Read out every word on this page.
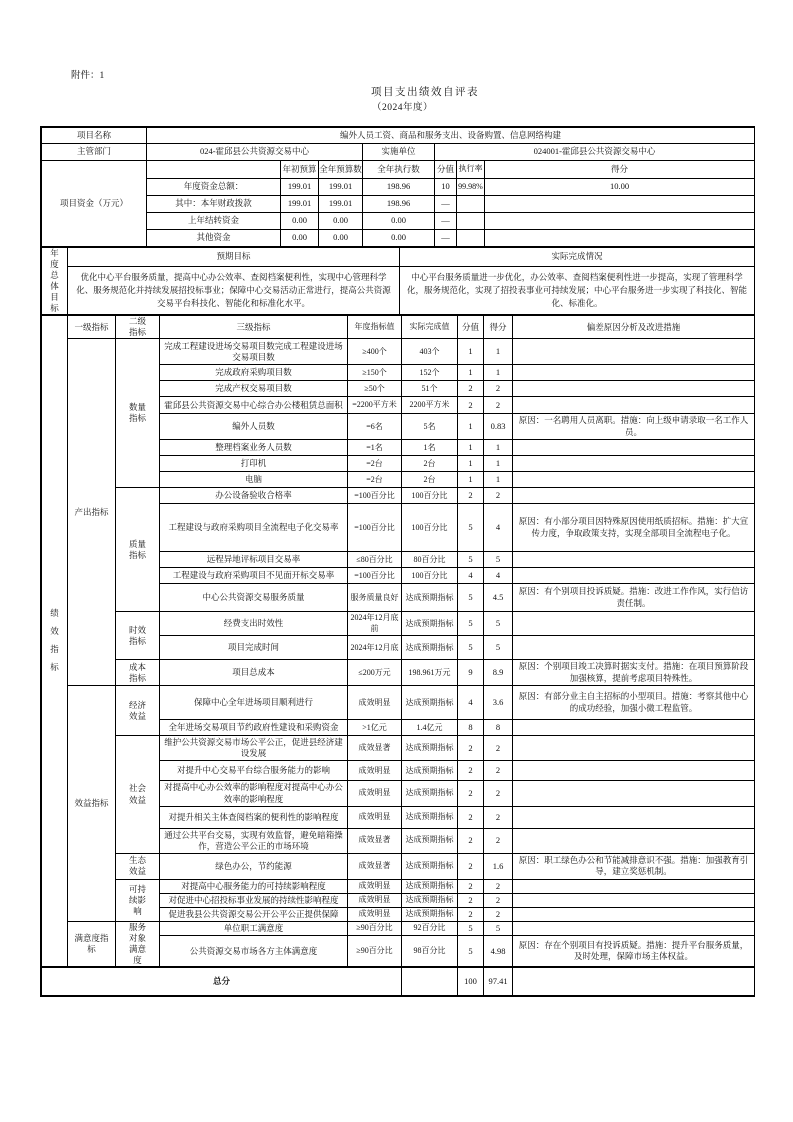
附件：1
项目支出绩效自评表
（2024年度）
项目名称	编外人员工资、商品和服务支出、设备购置、信息网络构建						
主管部门	024-霍邱县公共资源交易中心			实施单位	024001-霍邱县公共资源交易中心		
项目资金（万元）		年初预算	全年预算数	全年执行数	分值	执行率	得分
	年度资金总额：	199.01	199.01	198.96	10	99.98%	10.00
	其中：本年财政拨款	199.01	199.01	198.96	—		
	上年结转资金	0.00	0.00	0.00	—		
	其他资金	0.00	0.00	0.00	—		
年度总体目标	预期目标	实际完成情况
	优化中心平台服务质量，提高中心办公效率、查阅档案便利性，实现中心管理科学化、服务规范化并持续发展招投标事业；保障中心交易活动正常进行，提高公共资源交易平台科技化、智能化和标准化水平。	中心平台服务质量进一步优化，办公效率、查阅档案便利性进一步提高，实现了管理科学化，服务规范化，实现了招投表事业可持续发展；中心平台服务进一步实现了科技化、智能化、标准化。
绩效指标	一级指标	二级指标	三级指标	年度指标值	实际完成值	分值	得分	偏差原因分析及改进措施
	产出指标	数量指标	完成工程建设进场交易项目数完成工程建设进场交易项目数	≥400个	403个	1	1	
			完成政府采购项目数	≥150个	152个	1	1	
			完成产权交易项目数	≥50个	51个	2	2	
			霍邱县公共资源交易中心综合办公楼租赁总面积	=2200平方米	2200平方米	2	2	
			编外人员数	=6名	5名	1	0.83	原因：一名聘用人员离职。措施：向上级申请录取一名工作人员。
			整理档案业务人员数	=1名	1名	1	1	
			打印机	=2台	2台	1	1	
			电脑	=2台	2台	1	1	
		质量指标	办公设备验收合格率	=100百分比	100百分比	2	2	
			工程建设与政府采购项目全流程电子化交易率	=100百分比	100百分比	5	4	原因：有小部分项目因特殊原因使用纸质招标。措施：扩大宣传力度，争取政策支持，实现全部项目全流程电子化。
			远程异地评标项目交易率	≤80百分比	80百分比	5	5	
			工程建设与政府采购项目不见面开标交易率	=100百分比	100百分比	4	4	
			中心公共资源交易服务质量	服务质量良好	达成预期指标	5	4.5	原因：有个别项目投诉质疑。措施：改进工作作风，实行信访责任制。
		时效指标	经费支出时效性	2024年12月底前	达成预期指标	5	5	
			项目完成时间	2024年12月底	达成预期指标	5	5	
		成本指标	项目总成本	≤200万元	198.961万元	9	8.9	原因：个别项目竣工决算时据实支付。措施：在项目预算阶段加强核算，提前考虑项目特殊性。
	效益指标	经济效益	保障中心全年进场项目顺利进行	成效明显	达成预期指标	4	3.6	原因：有部分业主自主招标的小型项目。措施：考察其他中心的成功经验，加强小微工程监管。
			全年进场交易项目节约政府性建设和采购资金	>1亿元	1.4亿元	8	8	
		社会效益	维护公共资源交易市场公平公正，促进县经济建设发展	成效显著	达成预期指标	2	2	
			对提升中心交易平台综合服务能力的影响	成效明显	达成预期指标	2	2	
			对提高中心办公效率的影响程度对提高中心办公效率的影响程度	成效明显	达成预期指标	2	2	
			对提升相关主体查阅档案的便利性的影响程度	成效明显	达成预期指标	2	2	
			通过公共平台交易，实现有效监督，避免暗箱操作，营造公平公正的市场环境	成效显著	达成预期指标	2	2	
		生态效益	绿色办公，节约能源	成效显著	达成预期指标	2	1.6	原因：职工绿色办公和节能减排意识不强。措施：加强教育引导，建立奖惩机制。
		可持续影响	对提高中心服务能力的可持续影响程度	成效明显	达成预期指标	2	2	
			对促进中心招投标事业发展的持续性影响程度	成效明显	达成预期指标	2	2	
			促进我县公共资源交易公开公平公正提供保障	成效明显	达成预期指标	2	2	
	满意度指标	服务对象满意度	单位职工满意度	≥90百分比	92百分比	5	5	
			公共资源交易市场各方主体满意度	≥90百分比	98百分比	5	4.98	原因：存在个别项目有投诉质疑。措施：提升平台服务质量，及时处理，保障市场主体权益。
总分		100	97.41	
